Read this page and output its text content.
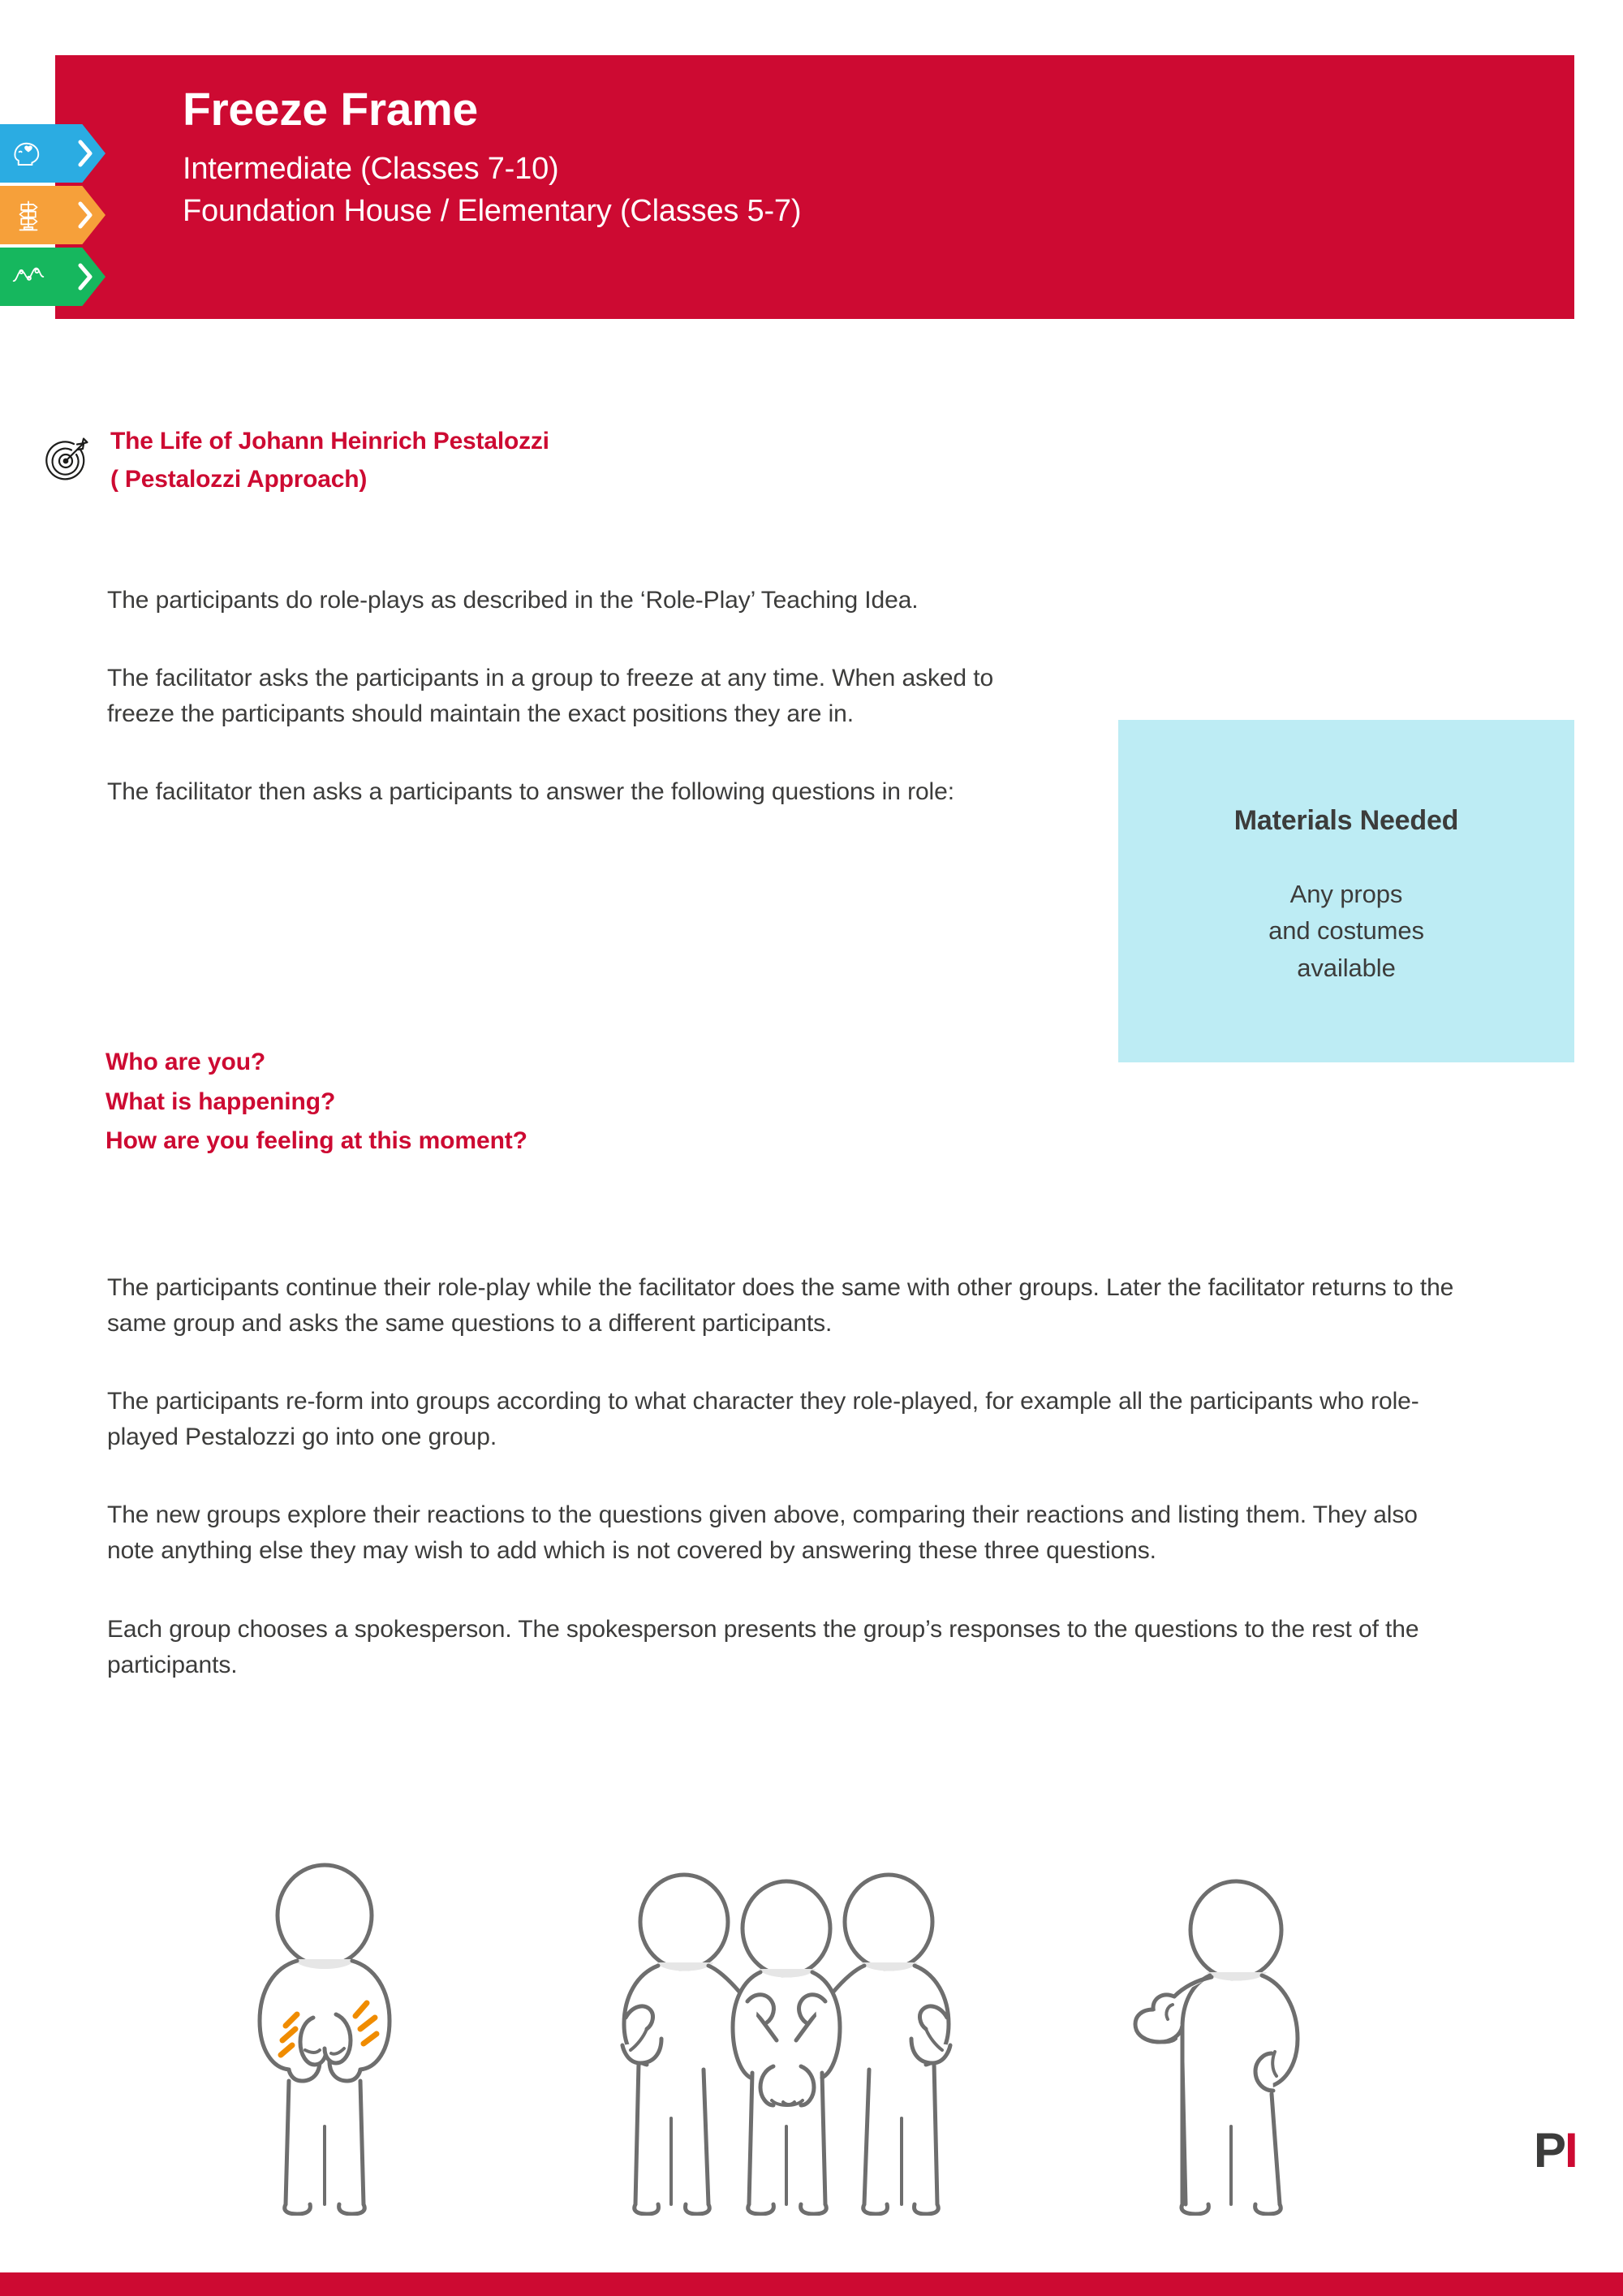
Freeze Frame
Intermediate (Classes 7-10)
Foundation House / Elementary (Classes 5-7)
The Life of Johann Heinrich Pestalozzi
( Pestalozzi Approach)

The participants do role-plays as described in the ‘Role-Play’ Teaching Idea.

The facilitator asks the participants in a group to freeze at any time. When asked to freeze the participants should maintain the exact positions they are in.

The facilitator then asks a participants to answer the following questions in role:

Who are you?
What is happening?
How are you feeling at this moment?
Materials Needed
Any props
and costumes
available

The participants continue their role-play while the facilitator does the same with other groups. Later the facilitator returns to the same group and asks the same questions to a different participants.

The participants re-form into groups according to what character they role-played, for example all the participants who role-played Pestalozzi go into one group.

The new groups explore their reactions to the questions given above, comparing their reactions and listing them. They also note anything else they may wish to add which is not covered by answering these three questions.

Each group chooses a spokesperson. The spokesperson presents the group’s responses to the questions to the rest of the participants.

P I
